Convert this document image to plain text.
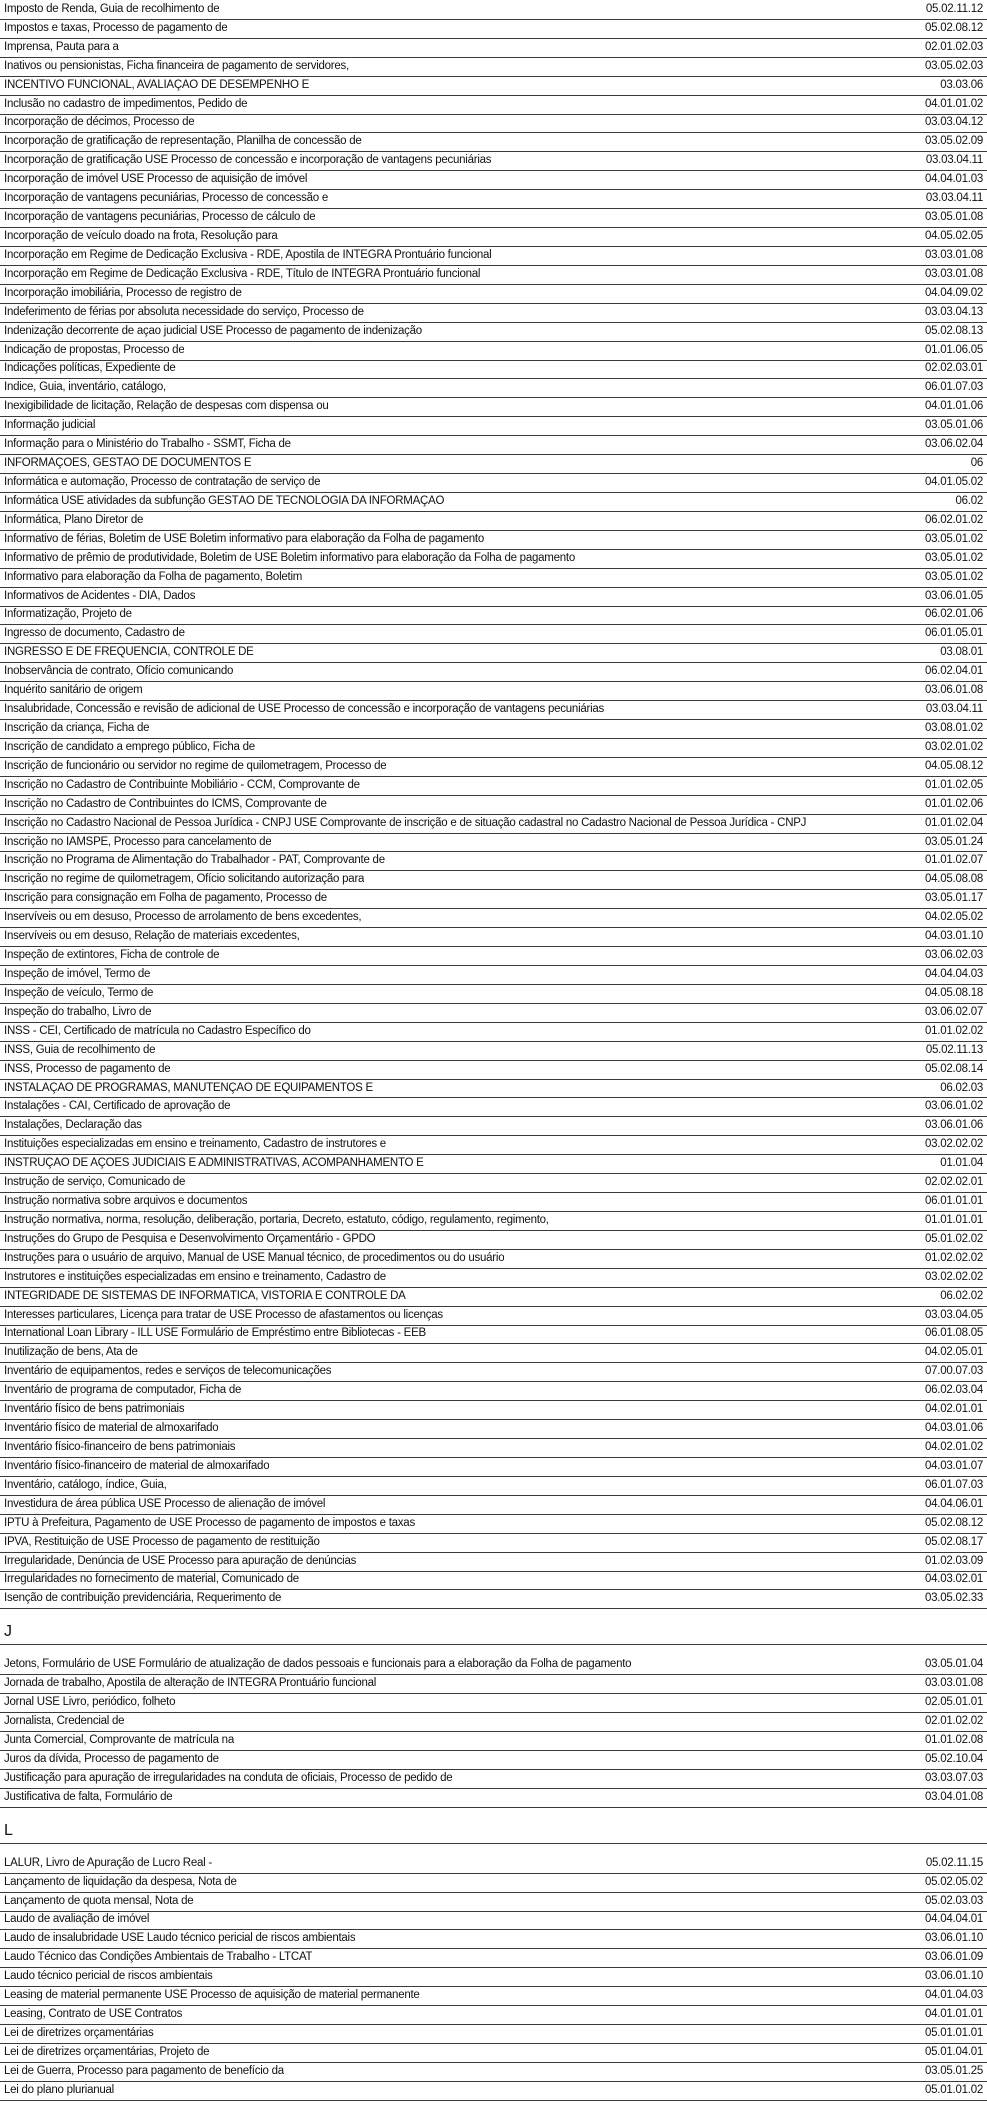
Imposto de Renda, Guia de recolhimento de	05.02.11.12
Impostos e taxas, Processo de pagamento de	05.02.08.12
Imprensa, Pauta para a	02.01.02.03
Inativos ou pensionistas, Ficha financeira de pagamento de servidores,	03.05.02.03
INCENTIVO FUNCIONAL, AVALIAÇÃO DE DESEMPENHO E	03.03.06
Inclusão no cadastro de impedimentos, Pedido de	04.01.01.02
Incorporação de décimos, Processo de	03.03.04.12
Incorporação de gratificação de representação, Planilha de concessão de	03.05.02.09
Incorporação de gratificação USE Processo de concessão e incorporação de vantagens pecuniárias	03.03.04.11
Incorporação de imóvel USE Processo de aquisição de imóvel	04.04.01.03
Incorporação de vantagens pecuniárias, Processo de concessão e	03.03.04.11
Incorporação de vantagens pecuniárias, Processo de cálculo de	03.05.01.08
Incorporação de veículo doado na frota, Resolução para	04.05.02.05
Incorporação em Regime de Dedicação Exclusiva - RDE, Apostila de INTEGRA Prontuário funcional	03.03.01.08
Incorporação em Regime de Dedicação Exclusiva - RDE, Título de INTEGRA Prontuário funcional	03.03.01.08
Incorporação imobiliária, Processo de registro de	04.04.09.02
Indeferimento de férias por absoluta necessidade do serviço, Processo de	03.03.04.13
Indenização decorrente de açao judicial USE Processo de pagamento de indenização	05.02.08.13
Indicação de propostas, Processo de	01.01.06.05
Indicações políticas, Expediente de	02.02.03.01
Índice, Guia, inventário, catálogo,	06.01.07.03
Inexigibilidade de licitação, Relação de despesas com dispensa ou	04.01.01.06
Informação judicial	03.05.01.06
Informação para o Ministério do Trabalho - SSMT, Ficha de	03.06.02.04
INFORMAÇÕES, GESTÃO DE DOCUMENTOS E	06
Informática e automação, Processo de contratação de serviço de	04.01.05.02
Informática USE atividades da subfunção GESTÃO DE TECNOLOGIA DA INFORMAÇÃO	06.02
Informática, Plano Diretor de	06.02.01.02
Informativo de férias, Boletim de USE Boletim informativo para elaboração da Folha de pagamento	03.05.01.02
Informativo de prêmio de produtividade, Boletim de USE Boletim informativo para elaboração da Folha de pagamento	03.05.01.02
Informativo para elaboração da Folha de pagamento, Boletim	03.05.01.02
Informativos de Acidentes - DIA, Dados	03.06.01.05
Informatização, Projeto de	06.02.01.06
Ingresso de documento, Cadastro de	06.01.05.01
INGRESSO E DE FREQÜÊNCIA, CONTROLE DE	03.08.01
Inobservância de contrato, Ofício comunicando	06.02.04.01
Inquérito sanitário de origem	03.06.01.08
Insalubridade, Concessão e revisão de adicional de USE Processo de concessão e incorporação de vantagens pecuniárias	03.03.04.11
Inscrição da criança, Ficha de	03.08.01.02
Inscrição de candidato a emprego público, Ficha de	03.02.01.02
Inscrição de funcionário ou servidor no regime de quilometragem, Processo de	04.05.08.12
Inscrição no Cadastro de Contribuinte Mobiliário - CCM, Comprovante de	01.01.02.05
Inscrição no Cadastro de Contribuintes do ICMS, Comprovante de	01.01.02.06
Inscrição no Cadastro Nacional de Pessoa Jurídica - CNPJ USE Comprovante de inscrição e de situação cadastral no Cadastro Nacional de Pessoa Jurídica - CNPJ	01.01.02.04
Inscrição no IAMSPE, Processo para cancelamento de	03.05.01.24
Inscrição no Programa de Alimentação do Trabalhador - PAT, Comprovante de	01.01.02.07
Inscrição no regime de quilometragem, Ofício solicitando autorização para	04.05.08.08
Inscrição para consignação em Folha de pagamento, Processo de	03.05.01.17
Inservíveis ou em desuso, Processo de arrolamento de bens excedentes,	04.02.05.02
Inservíveis ou em desuso, Relação de materiais excedentes,	04.03.01.10
Inspeção de extintores, Ficha de controle de	03.06.02.03
Inspeção de imóvel, Termo de	04.04.04.03
Inspeção de veículo, Termo de	04.05.08.18
Inspeção do trabalho, Livro de	03.06.02.07
INSS - CEI, Certificado de matrícula no Cadastro Específico do	01.01.02.02
INSS, Guia de recolhimento de	05.02.11.13
INSS, Processo de pagamento de	05.02.08.14
INSTALAÇÃO DE PROGRAMAS, MANUTENÇÃO DE EQUIPAMENTOS E	06.02.03
Instalações - CAI, Certificado de aprovação de	03.06.01.02
Instalações, Declaração das	03.06.01.06
Instituições especializadas em ensino e treinamento, Cadastro de instrutores e	03.02.02.02
INSTRUÇÃO DE AÇÕES JUDICIAIS E ADMINISTRATIVAS, ACOMPANHAMENTO E	01.01.04
Instrução de serviço, Comunicado de	02.02.02.01
Instrução normativa sobre arquivos e documentos	06.01.01.01
Instrução normativa, norma, resolução, deliberação, portaria, Decreto, estatuto, código, regulamento, regimento,	01.01.01.01
Instruções do Grupo de Pesquisa e Desenvolvimento Orçamentário - GPDO	05.01.02.02
Instruções para o usuário de arquivo, Manual de USE Manual técnico, de procedimentos ou do usuário	01.02.02.02
Instrutores e instituições especializadas em ensino e treinamento, Cadastro de	03.02.02.02
INTEGRIDADE DE SISTEMAS DE INFORMÁTICA, VISTORIA E CONTROLE DA	06.02.02
Interesses particulares, Licença para tratar de USE Processo de afastamentos ou licenças	03.03.04.05
International Loan Library - ILL USE Formulário de Empréstimo entre Bibliotecas - EEB	06.01.08.05
Inutilização de bens, Ata de	04.02.05.01
Inventário de equipamentos, redes e serviços de telecomunicações	07.00.07.03
Inventário de programa de computador, Ficha de	06.02.03.04
Inventário físico de bens patrimoniais	04.02.01.01
Inventário físico de material de almoxarifado	04.03.01.06
Inventário físico-financeiro de bens patrimoniais	04.02.01.02
Inventário físico-financeiro de material de almoxarifado	04.03.01.07
Inventário, catálogo, índice, Guia,	06.01.07.03
Investidura de área pública USE Processo de alienação de imóvel	04.04.06.01
IPTU à Prefeitura, Pagamento de USE Processo de pagamento de impostos e taxas	05.02.08.12
IPVA, Restituição de USE Processo de pagamento de restituição	05.02.08.17
Irregularidade, Denúncia de USE Processo para apuração de denúncias	01.02.03.09
Irregularidades no fornecimento de material, Comunicado de	04.03.02.01
Isenção de contribuição previdenciária, Requerimento de	03.05.02.33
J
Jetons, Formulário de USE Formulário de atualização de dados pessoais e funcionais para a elaboração da Folha de pagamento	03.05.01.04
Jornada de trabalho, Apostila de alteração de INTEGRA Prontuário funcional	03.03.01.08
Jornal USE Livro, periódico, folheto	02.05.01.01
Jornalista, Credencial de	02.01.02.02
Junta Comercial, Comprovante de matrícula na	01.01.02.08
Juros da dívida, Processo de pagamento de	05.02.10.04
Justificação para apuração de irregularidades na conduta de oficiais, Processo de pedido de	03.03.07.03
Justificativa de falta, Formulário de	03.04.01.08
L
LALUR, Livro de Apuração de Lucro Real -	05.02.11.15
Lançamento de liquidação da despesa, Nota de	05.02.05.02
Lançamento de quota mensal, Nota de	05.02.03.03
Laudo de avaliação de imóvel	04.04.04.01
Laudo de insalubridade USE Laudo técnico pericial de riscos ambientais	03.06.01.10
Laudo Técnico das Condições Ambientais de Trabalho - LTCAT	03.06.01.09
Laudo técnico pericial de riscos ambientais	03.06.01.10
Leasing de material permanente USE Processo de aquisição de material permanente	04.01.04.03
Leasing, Contrato de USE Contratos	04.01.01.01
Lei de diretrizes orçamentárias	05.01.01.01
Lei de diretrizes orçamentárias, Projeto de	05.01.04.01
Lei de Guerra, Processo para pagamento de benefício da	03.05.01.25
Lei do plano plurianual	05.01.01.02
